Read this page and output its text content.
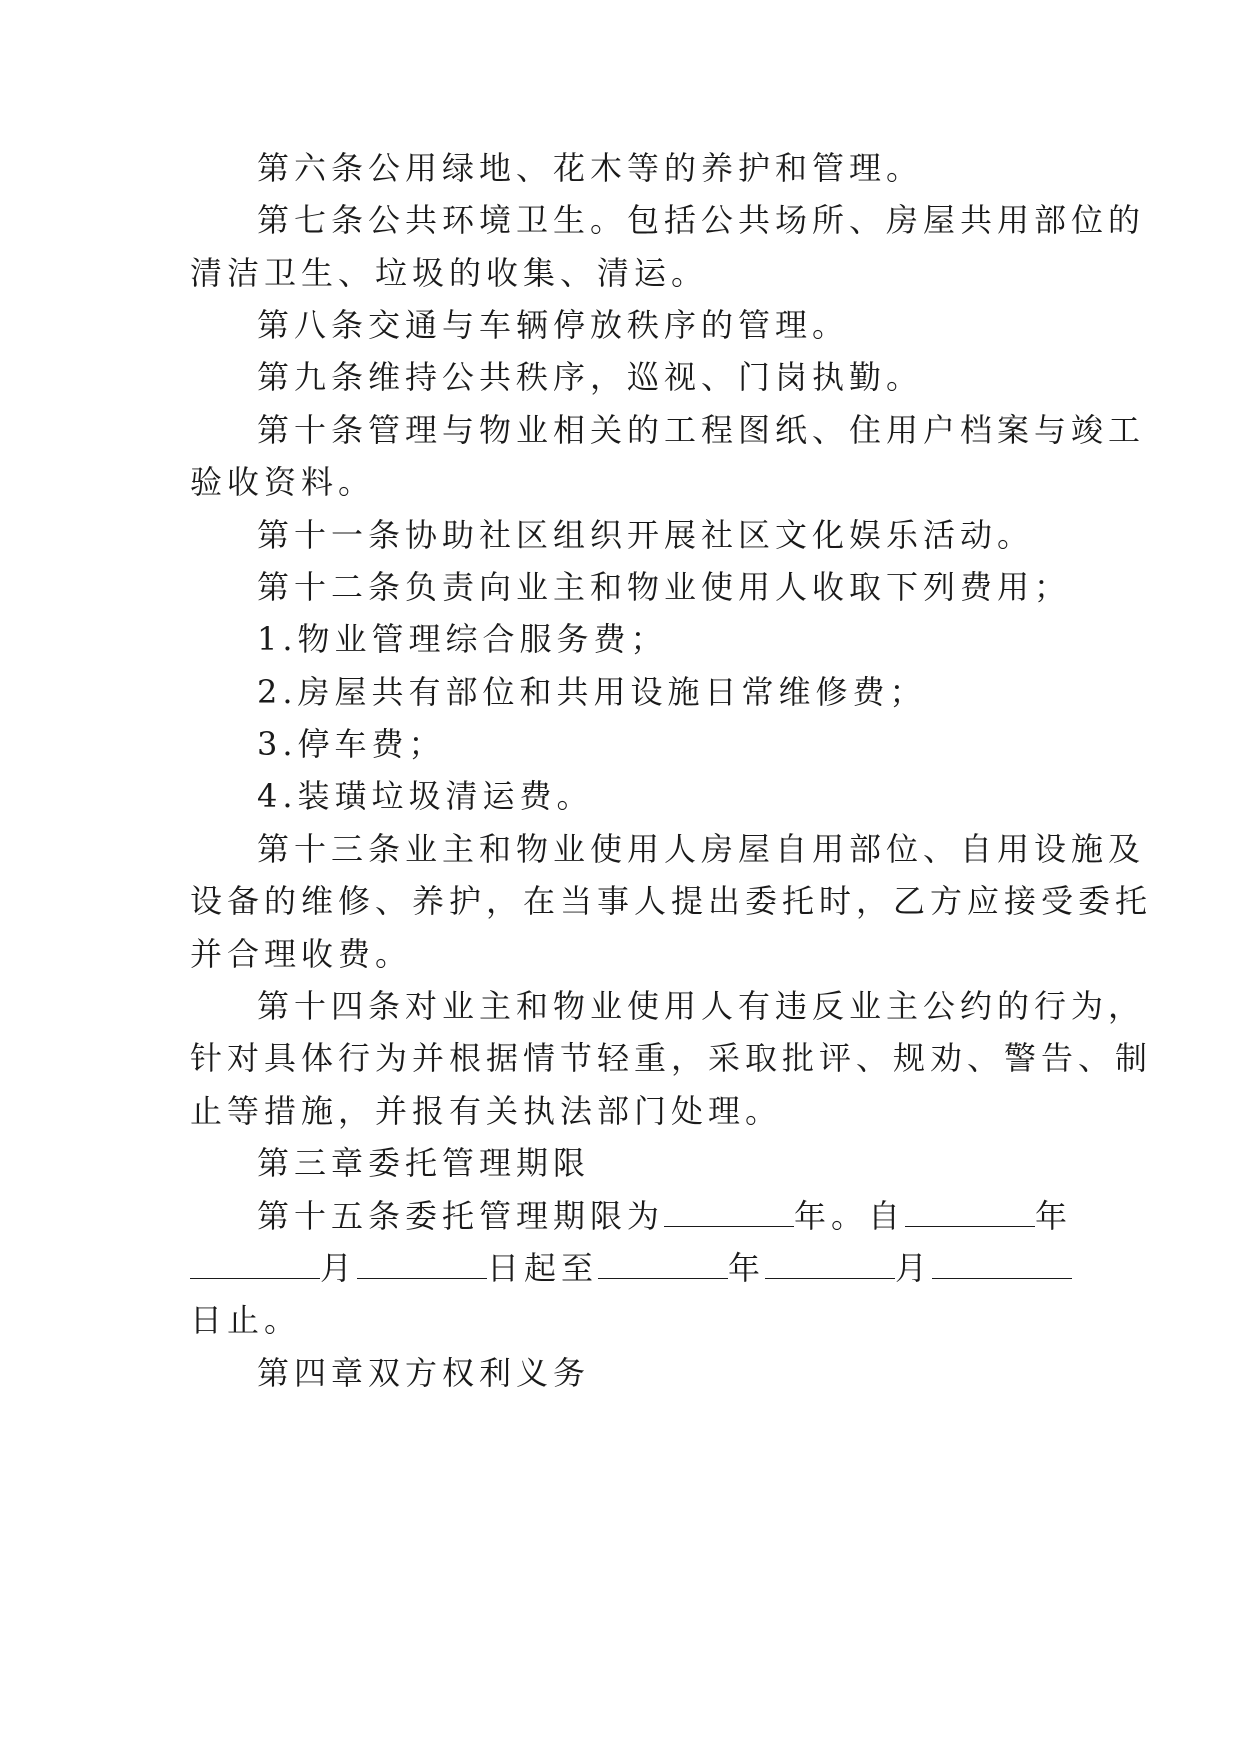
第六条公用绿地、花木等的养护和管理。
第七条公共环境卫生。包括公共场所、房屋共用部位的
清洁卫生、垃圾的收集、清运。
第八条交通与车辆停放秩序的管理。
第九条维持公共秩序，巡视、门岗执勤。
第十条管理与物业相关的工程图纸、住用户档案与竣工
验收资料。
第十一条协助社区组织开展社区文化娱乐活动。
第十二条负责向业主和物业使用人收取下列费用；
1.物业管理综合服务费；
2.房屋共有部位和共用设施日常维修费；
3.停车费；
4.装璜垃圾清运费。
第十三条业主和物业使用人房屋自用部位、自用设施及
设备的维修、养护，在当事人提出委托时，乙方应接受委托
并合理收费。
第十四条对业主和物业使用人有违反业主公约的行为，
针对具体行为并根据情节轻重，采取批评、规劝、警告、制
止等措施，并报有关执法部门处理。
第三章委托管理期限
第十五条委托管理期限为	年。自	年
月	日起至	年	月
日止。
第四章双方权利义务
